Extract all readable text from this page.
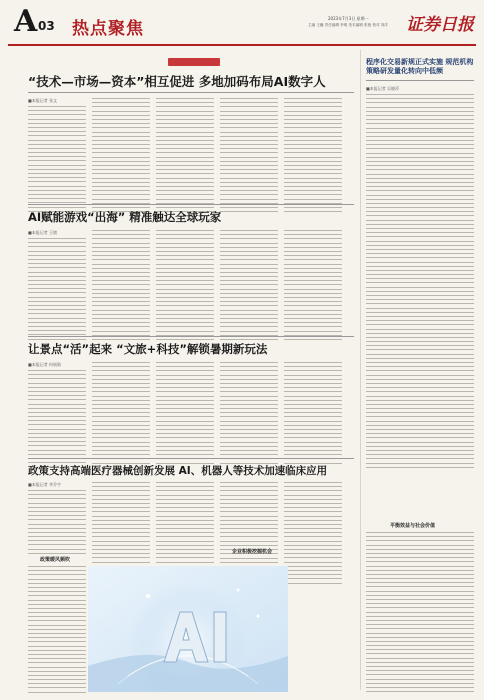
A 03 热点聚焦
2023年7月3日 星期一
主编 王巍 责任编辑 李明 美术编辑 张艳 校对 刘洋 证券日报
人工智能大会前哨
“技术—市场—资本”相互促进 多地加码布局AI数字人
■本报记者 张文
AI赋能游戏“出海” 精准触达全球玩家
■本报记者 王镜
让景点“活”起来 “文旅+科技”解锁暑期新玩法
■本报记者 何展勋
政策支持高端医疗器械创新发展 AI、机器人等技术加速临床应用
■本报记者 李乔宇
政策暖风频吹
企业积极挖掘机会
程序化交易新规正式实施 规范机构策略研发量化转向中低频
■本报记者 吴晓萍
平衡效益与社会价值
